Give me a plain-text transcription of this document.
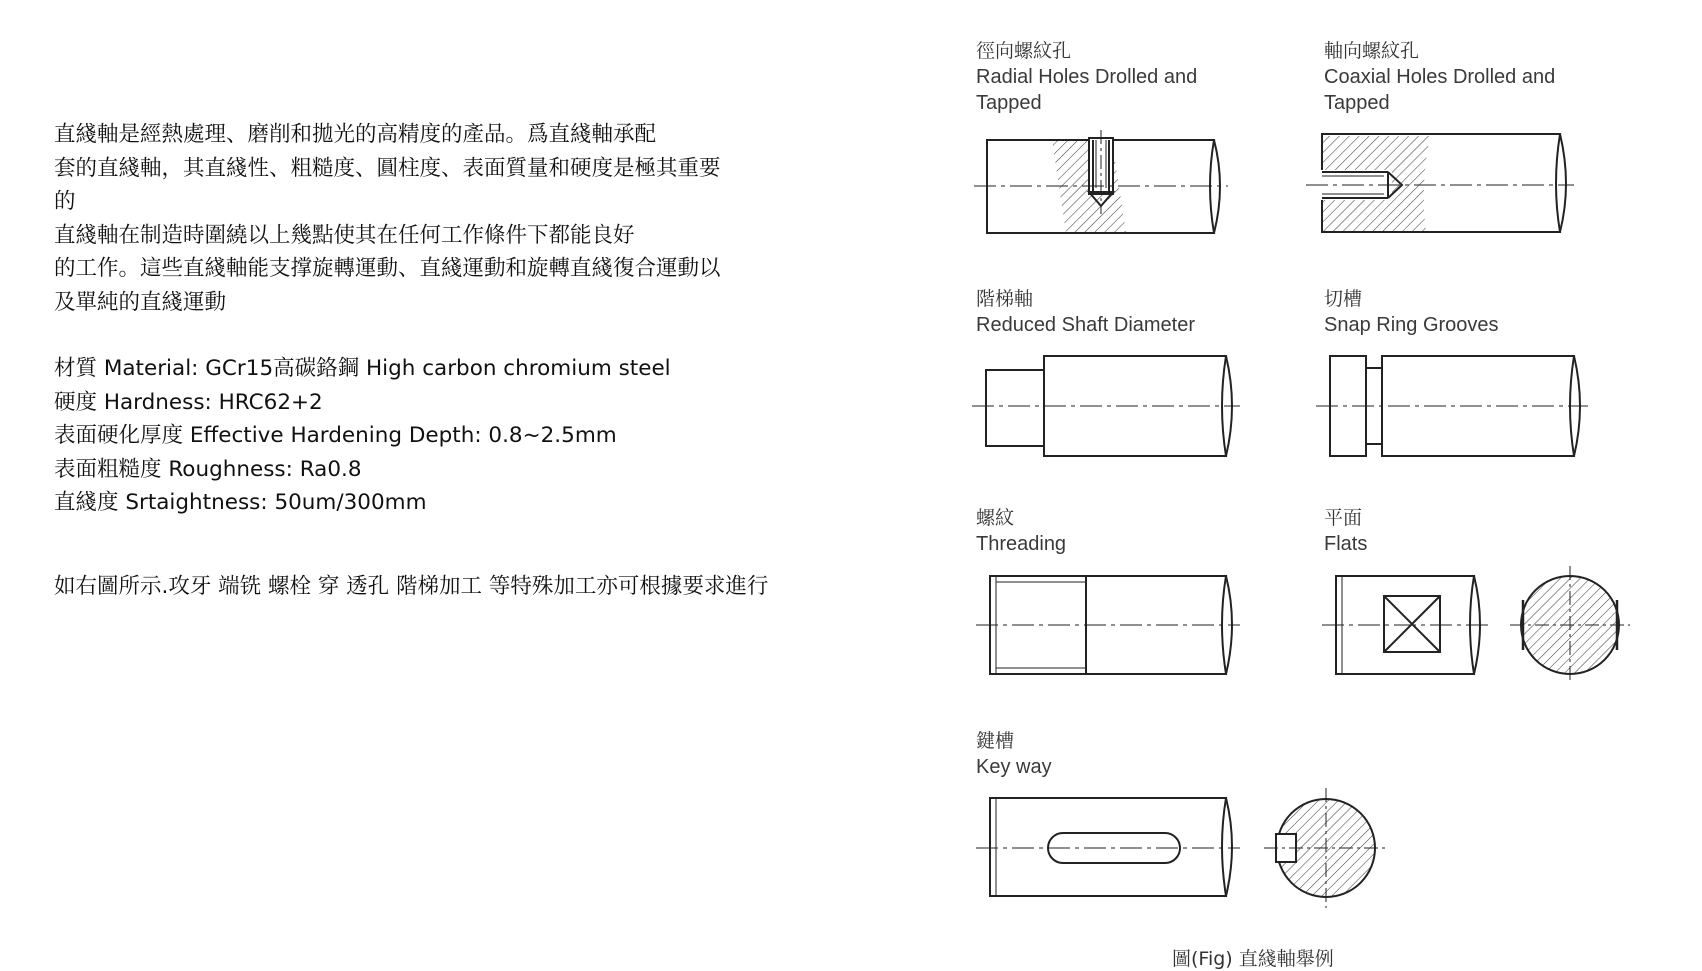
直綫軸是經熱處理、磨削和拋光的高精度的產品。爲直綫軸承配

套的直綫軸，其直綫性、粗糙度、圓柱度、表面質量和硬度是極其重要

的

直綫軸在制造時圍繞以上幾點使其在任何工作條件下都能良好

的工作。這些直綫軸能支撑旋轉運動、直綫運動和旋轉直綫復合運動以

及單純的直綫運動

材質 Material: GCr15高碳鉻鋼 High carbon chromium steel

硬度 Hardness: HRC62+2

表面硬化厚度 Effective Hardening Depth: 0.8~2.5mm

表面粗糙度 Roughness: Ra0.8

直綫度 Srtaightness: 50um/300mm

如右圖所示.攻牙 端铣 螺栓 穿 透孔 階梯加工 等特殊加工亦可根據要求進行

徑向螺紋孔
Radial Holes Drolled and
Tapped
軸向螺紋孔
Coaxial Holes Drolled and
Tapped
階梯軸
Reduced Shaft Diameter
切槽
Snap Ring Grooves
螺紋
Threading
平面
Flats
鍵槽
Key way
圖(Fig) 直綫軸舉例
